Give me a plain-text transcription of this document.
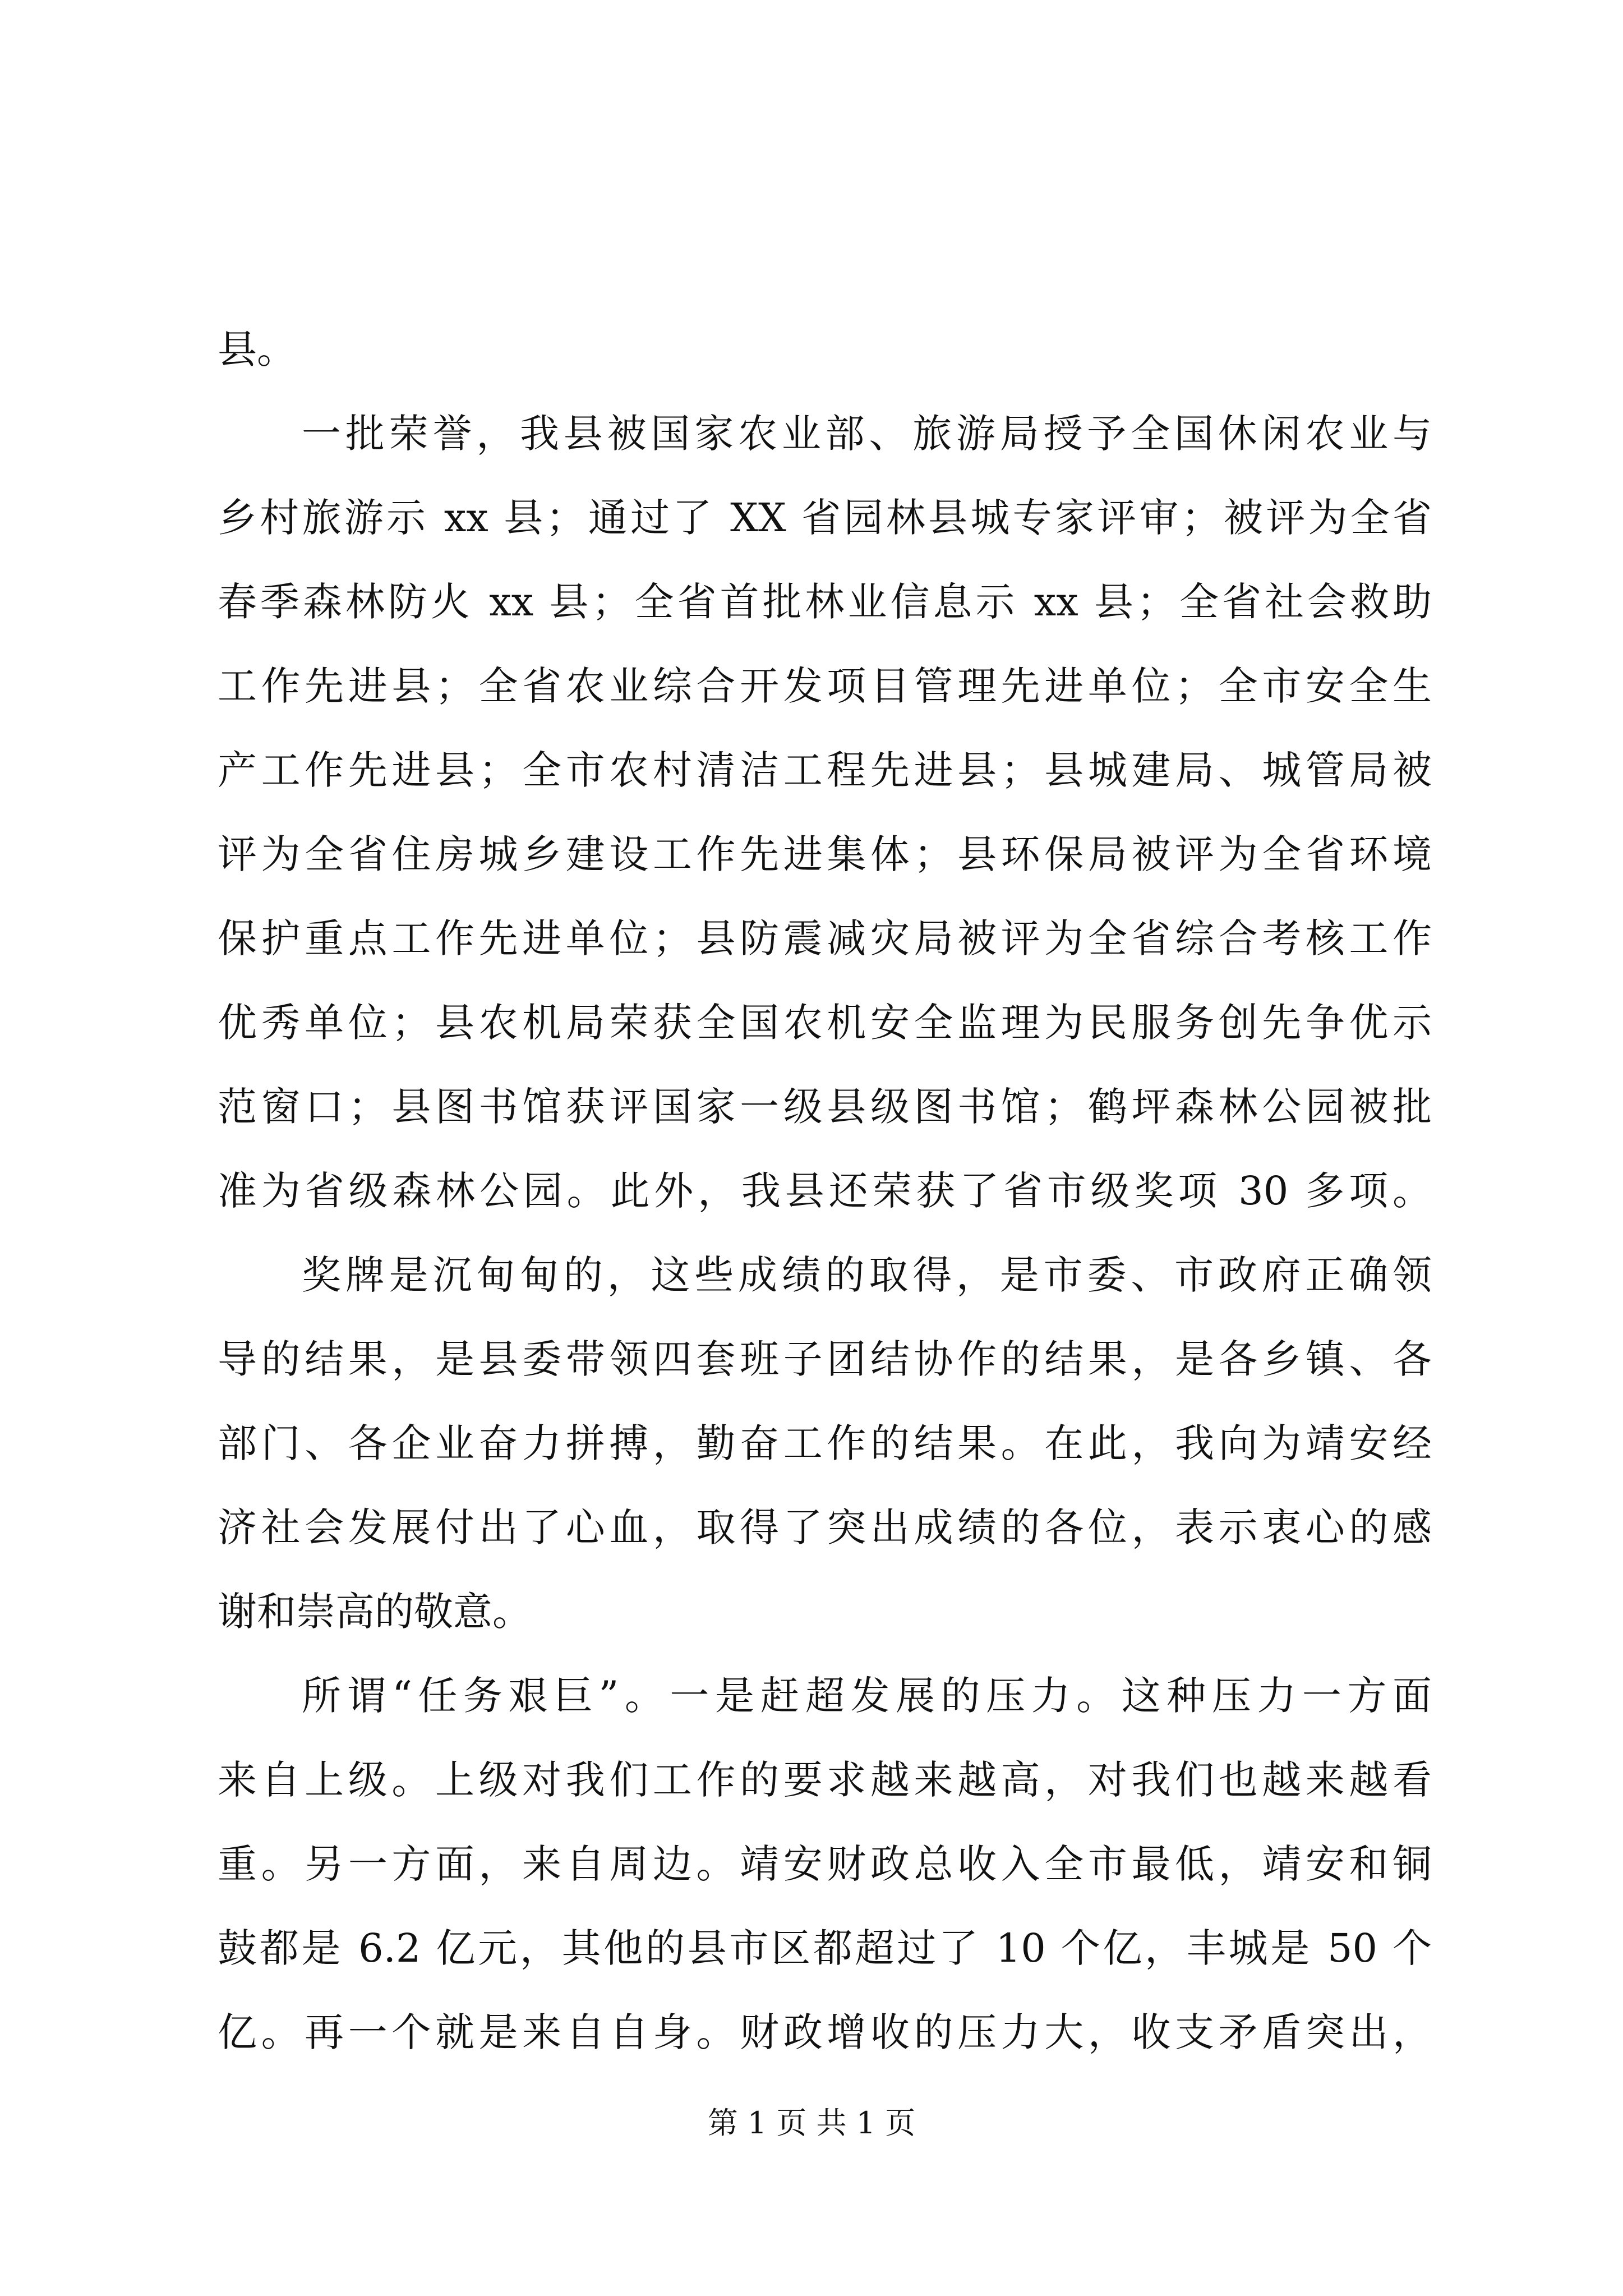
县。
一批荣誉，我县被国家农业部、旅游局授予全国休闲农业与
乡村旅游示 xx 县；通过了 XX 省园林县城专家评审；被评为全省
春季森林防火 xx 县；全省首批林业信息示 xx 县；全省社会救助
工作先进县；全省农业综合开发项目管理先进单位；全市安全生
产工作先进县；全市农村清洁工程先进县；县城建局、城管局被
评为全省住房城乡建设工作先进集体；县环保局被评为全省环境
保护重点工作先进单位；县防震减灾局被评为全省综合考核工作
优秀单位；县农机局荣获全国农机安全监理为民服务创先争优示
范窗口；县图书馆获评国家一级县级图书馆；鹤坪森林公园被批
准为省级森林公园。此外，我县还荣获了省市级奖项 30 多项。
奖牌是沉甸甸的，这些成绩的取得，是市委、市政府正确领
导的结果，是县委带领四套班子团结协作的结果，是各乡镇、各
部门、各企业奋力拼搏，勤奋工作的结果。在此，我向为靖安经
济社会发展付出了心血，取得了突出成绩的各位，表示衷心的感
谢和崇高的敬意。
所谓“任务艰巨”。一是赶超发展的压力。这种压力一方面
来自上级。上级对我们工作的要求越来越高，对我们也越来越看
重。另一方面，来自周边。靖安财政总收入全市最低，靖安和铜
鼓都是 6.2 亿元，其他的县市区都超过了 10 个亿，丰城是 50 个
亿。再一个就是来自自身。财政增收的压力大，收支矛盾突出，
第 1 页 共 1 页
